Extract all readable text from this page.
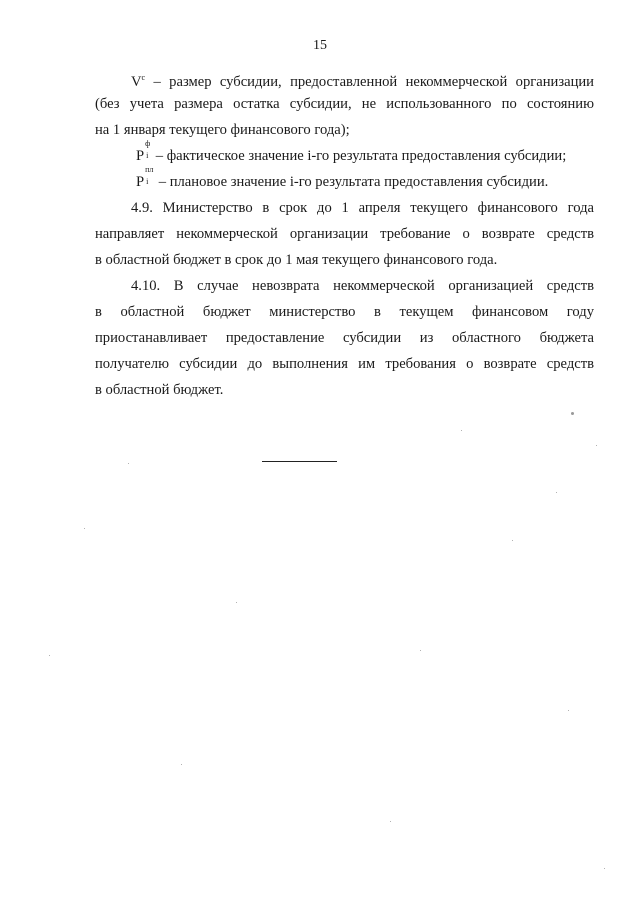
15
$V^c$ – размер субсидии, предоставленной некоммерческой организации
(без учета размера остатка субсидии, не использованного по состоянию
на 1 января текущего финансового года);
P
ф
i – фактическое значение i-го результата предоставления субсидии;
P
пл
i – плановое значение i-го результата предоставления субсидии.
4.9. Министерство в срок до 1 апреля текущего финансового года
направляет некоммерческой организации требование о возврате средств
в областной бюджет в срок до 1 мая текущего финансового года.
4.10. В случае невозврата некоммерческой организацией средств
в областной бюджет министерство в текущем финансовом году
приостанавливает предоставление субсидии из областного бюджета
получателю субсидии до выполнения им требования о возврате средств
в областной бюджет.
